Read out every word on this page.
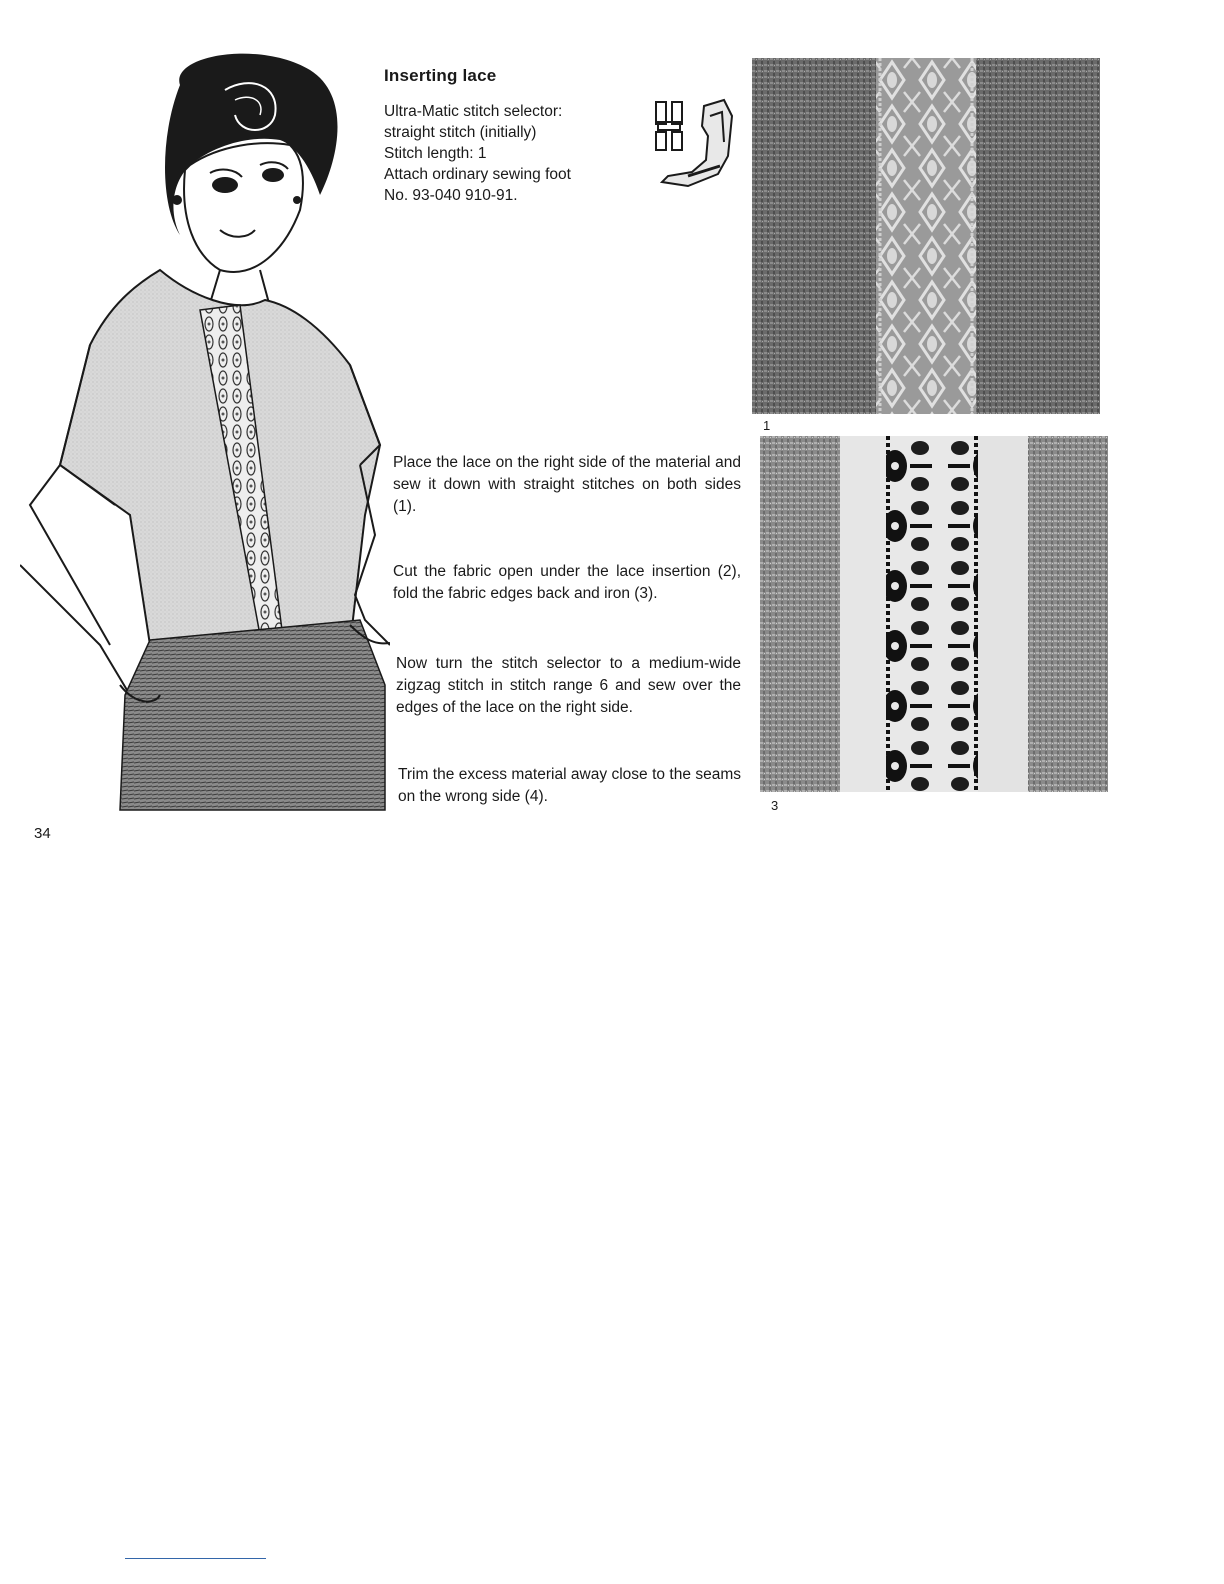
Inserting lace
Ultra-Matic stitch selector:
straight stitch (initially)
Stitch length: 1
Attach ordinary sewing foot
No. 93-040 910-91.
Place the lace on the right side of the material and sew it down with straight stitches on both sides (1).
Cut the fabric open under the lace insertion (2), fold the fabric edges back and iron (3).
Now turn the stitch selector to a medium-wide zigzag stitch in stitch range 6 and sew over the edges of the lace on the right side.
Trim the excess material away close to the seams on the wrong side (4).
1
3
34
